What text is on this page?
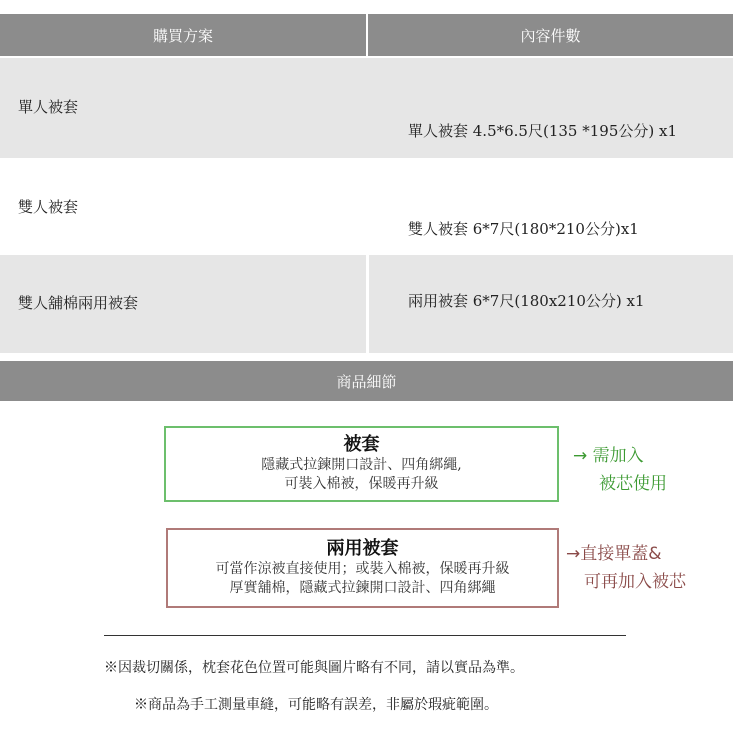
購買方案	內容件數
單人被套
單人被套 4.5*6.5尺(135 *195公分) x1
雙人被套
雙人被套 6*7尺(180*210公分)x1
雙人舖棉兩用被套	兩用被套 6*7尺(180x210公分) x1
商品細節
被套
隱藏式拉鍊開口設計、四角綁繩,
可裝入棉被，保暖再升級
→ 需加入
被芯使用
兩用被套
可當作涼被直接使用；或裝入棉被，保暖再升級
厚實舖棉，隱藏式拉鍊開口設計、四角綁繩
→直接單蓋&
可再加入被芯
※因裁切關係，枕套花色位置可能與圖片略有不同，請以實品為準。
※商品為手工測量車縫，可能略有誤差，非屬於瑕疵範圍。
